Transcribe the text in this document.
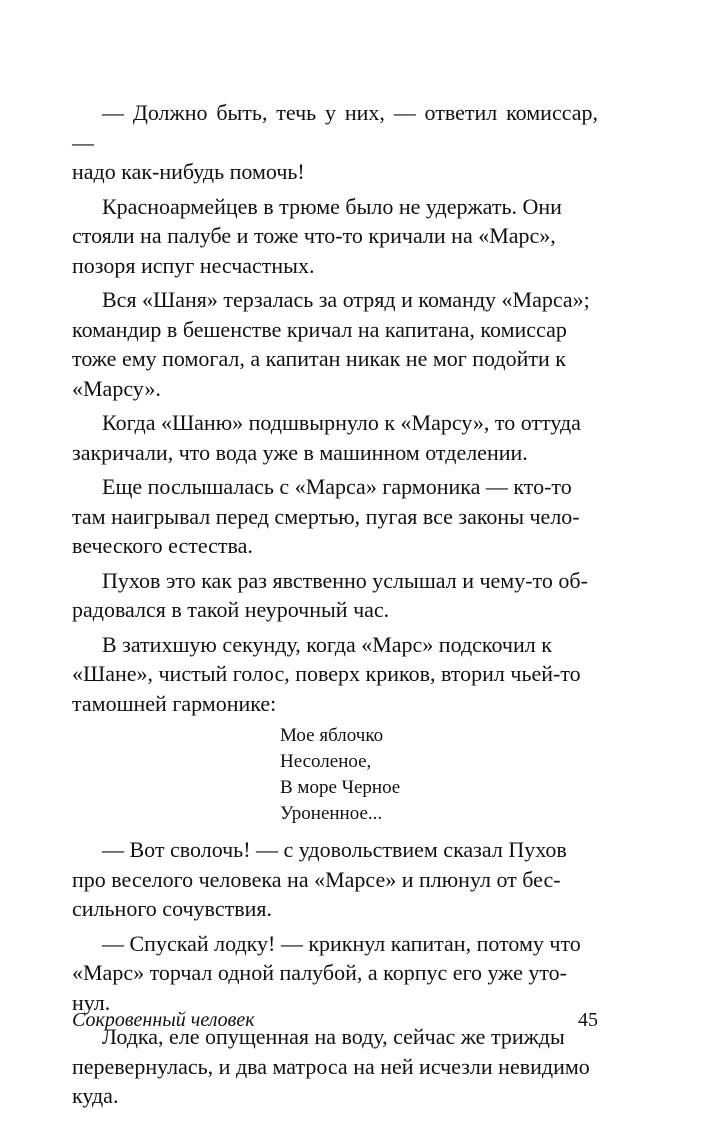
— Должно быть, течь у них, — ответил комиссар, —
надо как-нибудь помочь!

Красноармейцев в трюме было не удержать. Они
стояли на палубе и тоже что-то кричали на «Марс»,
позоря испуг несчастных.

Вся «Шаня» терзалась за отряд и команду «Марса»;
командир в бешенстве кричал на капитана, комиссар
тоже ему помогал, а капитан никак не мог подойти к
«Марсу».

Когда «Шаню» подшвырнуло к «Марсу», то оттуда
закричали, что вода уже в машинном отделении.

Еще послышалась с «Марса» гармоника — кто-то
там наигрывал перед смертью, пугая все законы чело-
веческого естества.

Пухов это как раз явственно услышал и чему-то об-
радовался в такой неурочный час.

В затихшую секунду, когда «Марс» подскочил к
«Шане», чистый голос, поверх криков, вторил чьей-то
тамошней гармонике:

Мое яблочко
Несоленое,
В море Черное
Уроненное...

— Вот сволочь! — с удовольствием сказал Пухов
про веселого человека на «Марсе» и плюнул от бес-
сильного сочувствия.

— Спускай лодку! — крикнул капитан, потому что
«Марс» торчал одной палубой, а корпус его уже уто-
нул.

Лодка, еле опущенная на воду, сейчас же трижды
перевернулась, и два матроса на ней исчезли невидимо
куда.

Сокровенный человек	45
